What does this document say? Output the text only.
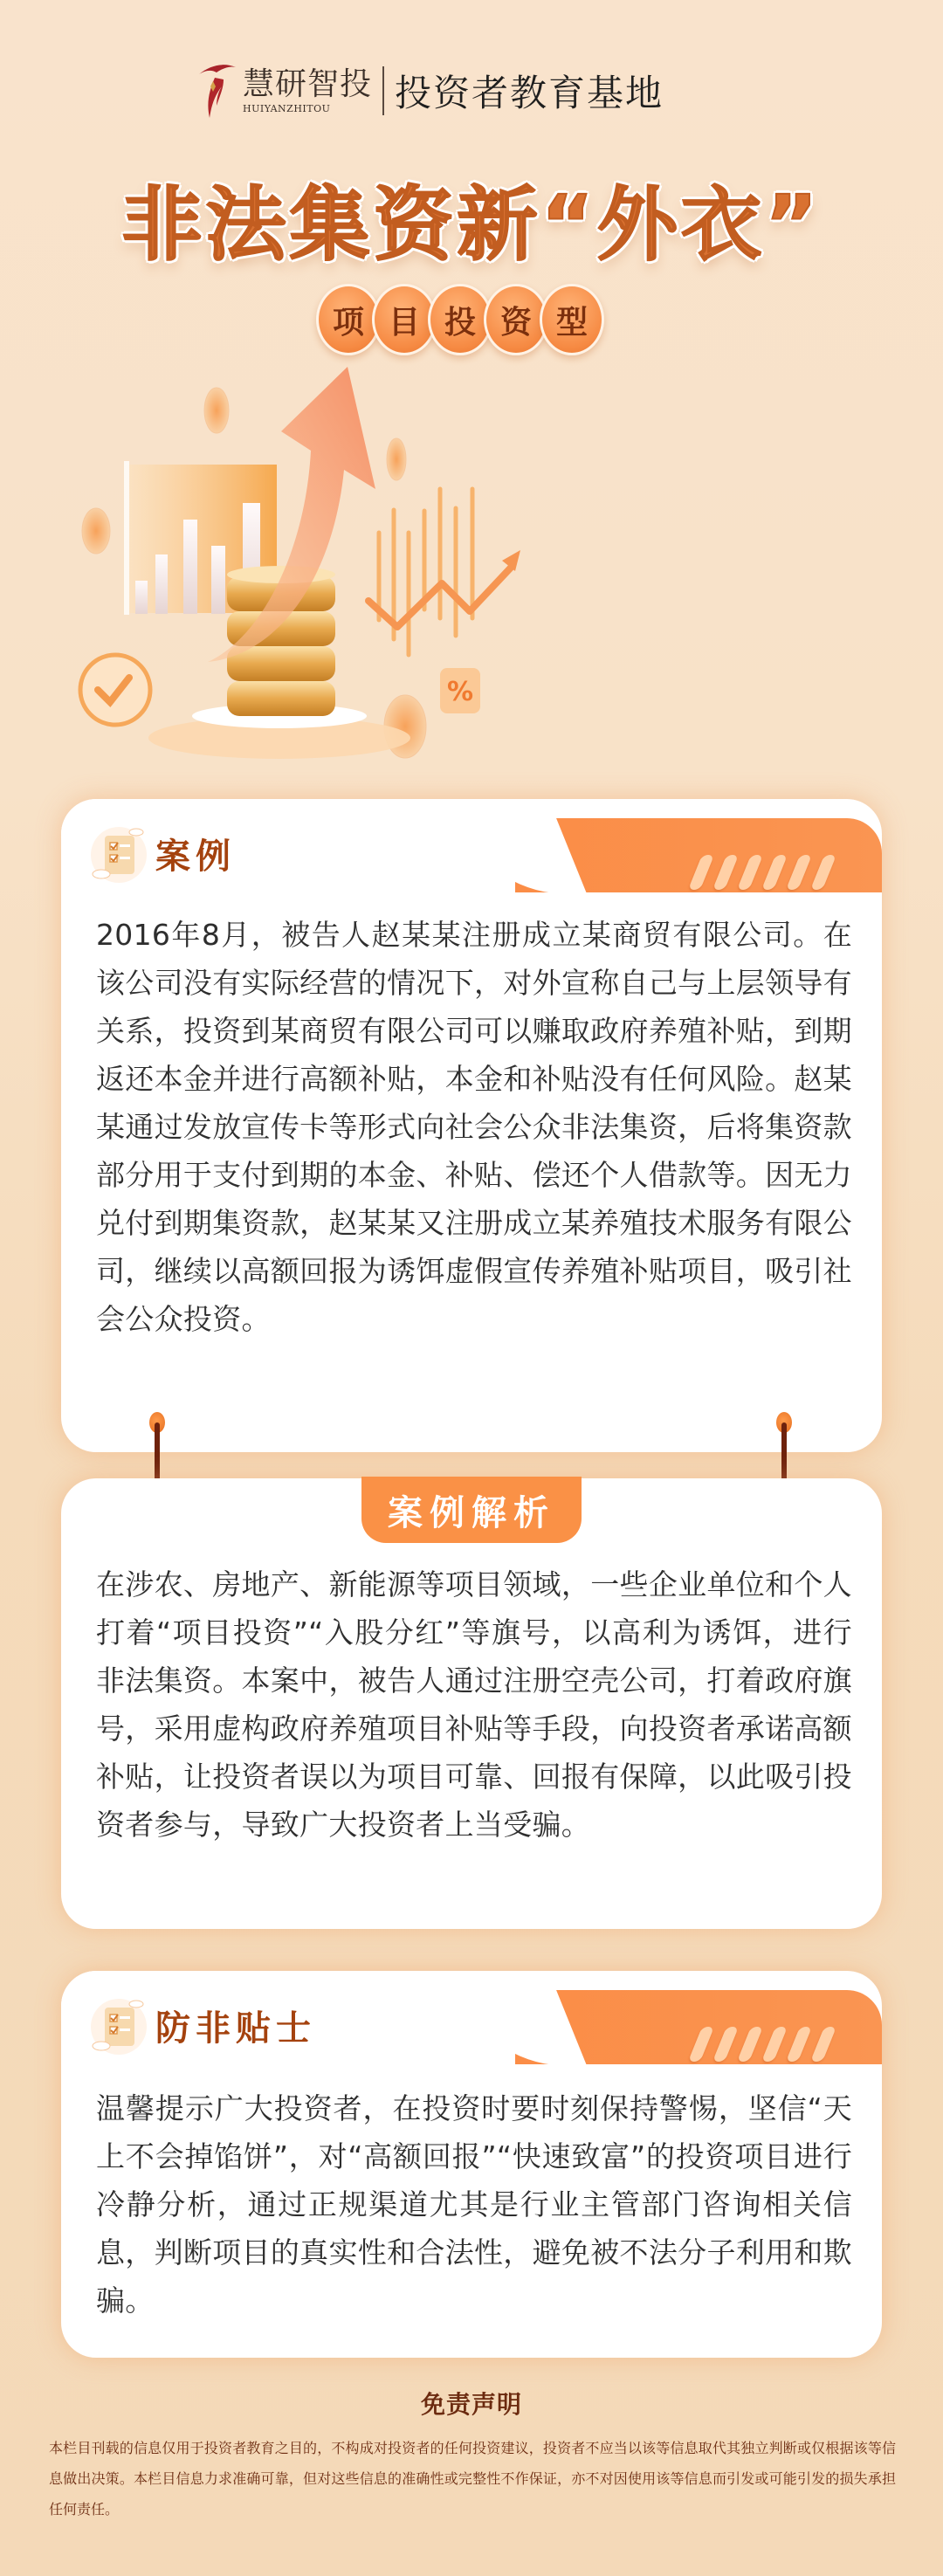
慧研智投
HUIYANZHITOU 投资者教育基地
非法集资新“外衣”
项 目 投 资 型
%
案例

2016年8月，被告人赵某某注册成立某商贸有限公司。在该公司没有实际经营的情况下，对外宣称自己与上层领导有关系，投资到某商贸有限公司可以赚取政府养殖补贴，到期返还本金并进行高额补贴，本金和补贴没有任何风险。赵某某通过发放宣传卡等形式向社会公众非法集资，后将集资款部分用于支付到期的本金、补贴、偿还个人借款等。因无力兑付到期集资款，赵某某又注册成立某养殖技术服务有限公司，继续以高额回报为诱饵虚假宣传养殖补贴项目，吸引社会公众投资。

案例解析

在涉农、房地产、新能源等项目领域，一些企业单位和个人打着“项目投资”“入股分红”等旗号，以高利为诱饵，进行非法集资。本案中，被告人通过注册空壳公司，打着政府旗号，采用虚构政府养殖项目补贴等手段，向投资者承诺高额补贴，让投资者误以为项目可靠、回报有保障，以此吸引投资者参与，导致广大投资者上当受骗。

防非贴士

温馨提示广大投资者，在投资时要时刻保持警惕，坚信“天上不会掉馅饼”，对“高额回报”“快速致富”的投资项目进行冷静分析，通过正规渠道尤其是行业主管部门咨询相关信息，判断项目的真实性和合法性，避免被不法分子利用和欺骗。

免责声明

本栏目刊载的信息仅用于投资者教育之目的，不构成对投资者的任何投资建议，投资者不应当以该等信息取代其独立判断或仅根据该等信息做出决策。本栏目信息力求准确可靠，但对这些信息的准确性或完整性不作保证，亦不对因使用该等信息而引发或可能引发的损失承担任何责任。
